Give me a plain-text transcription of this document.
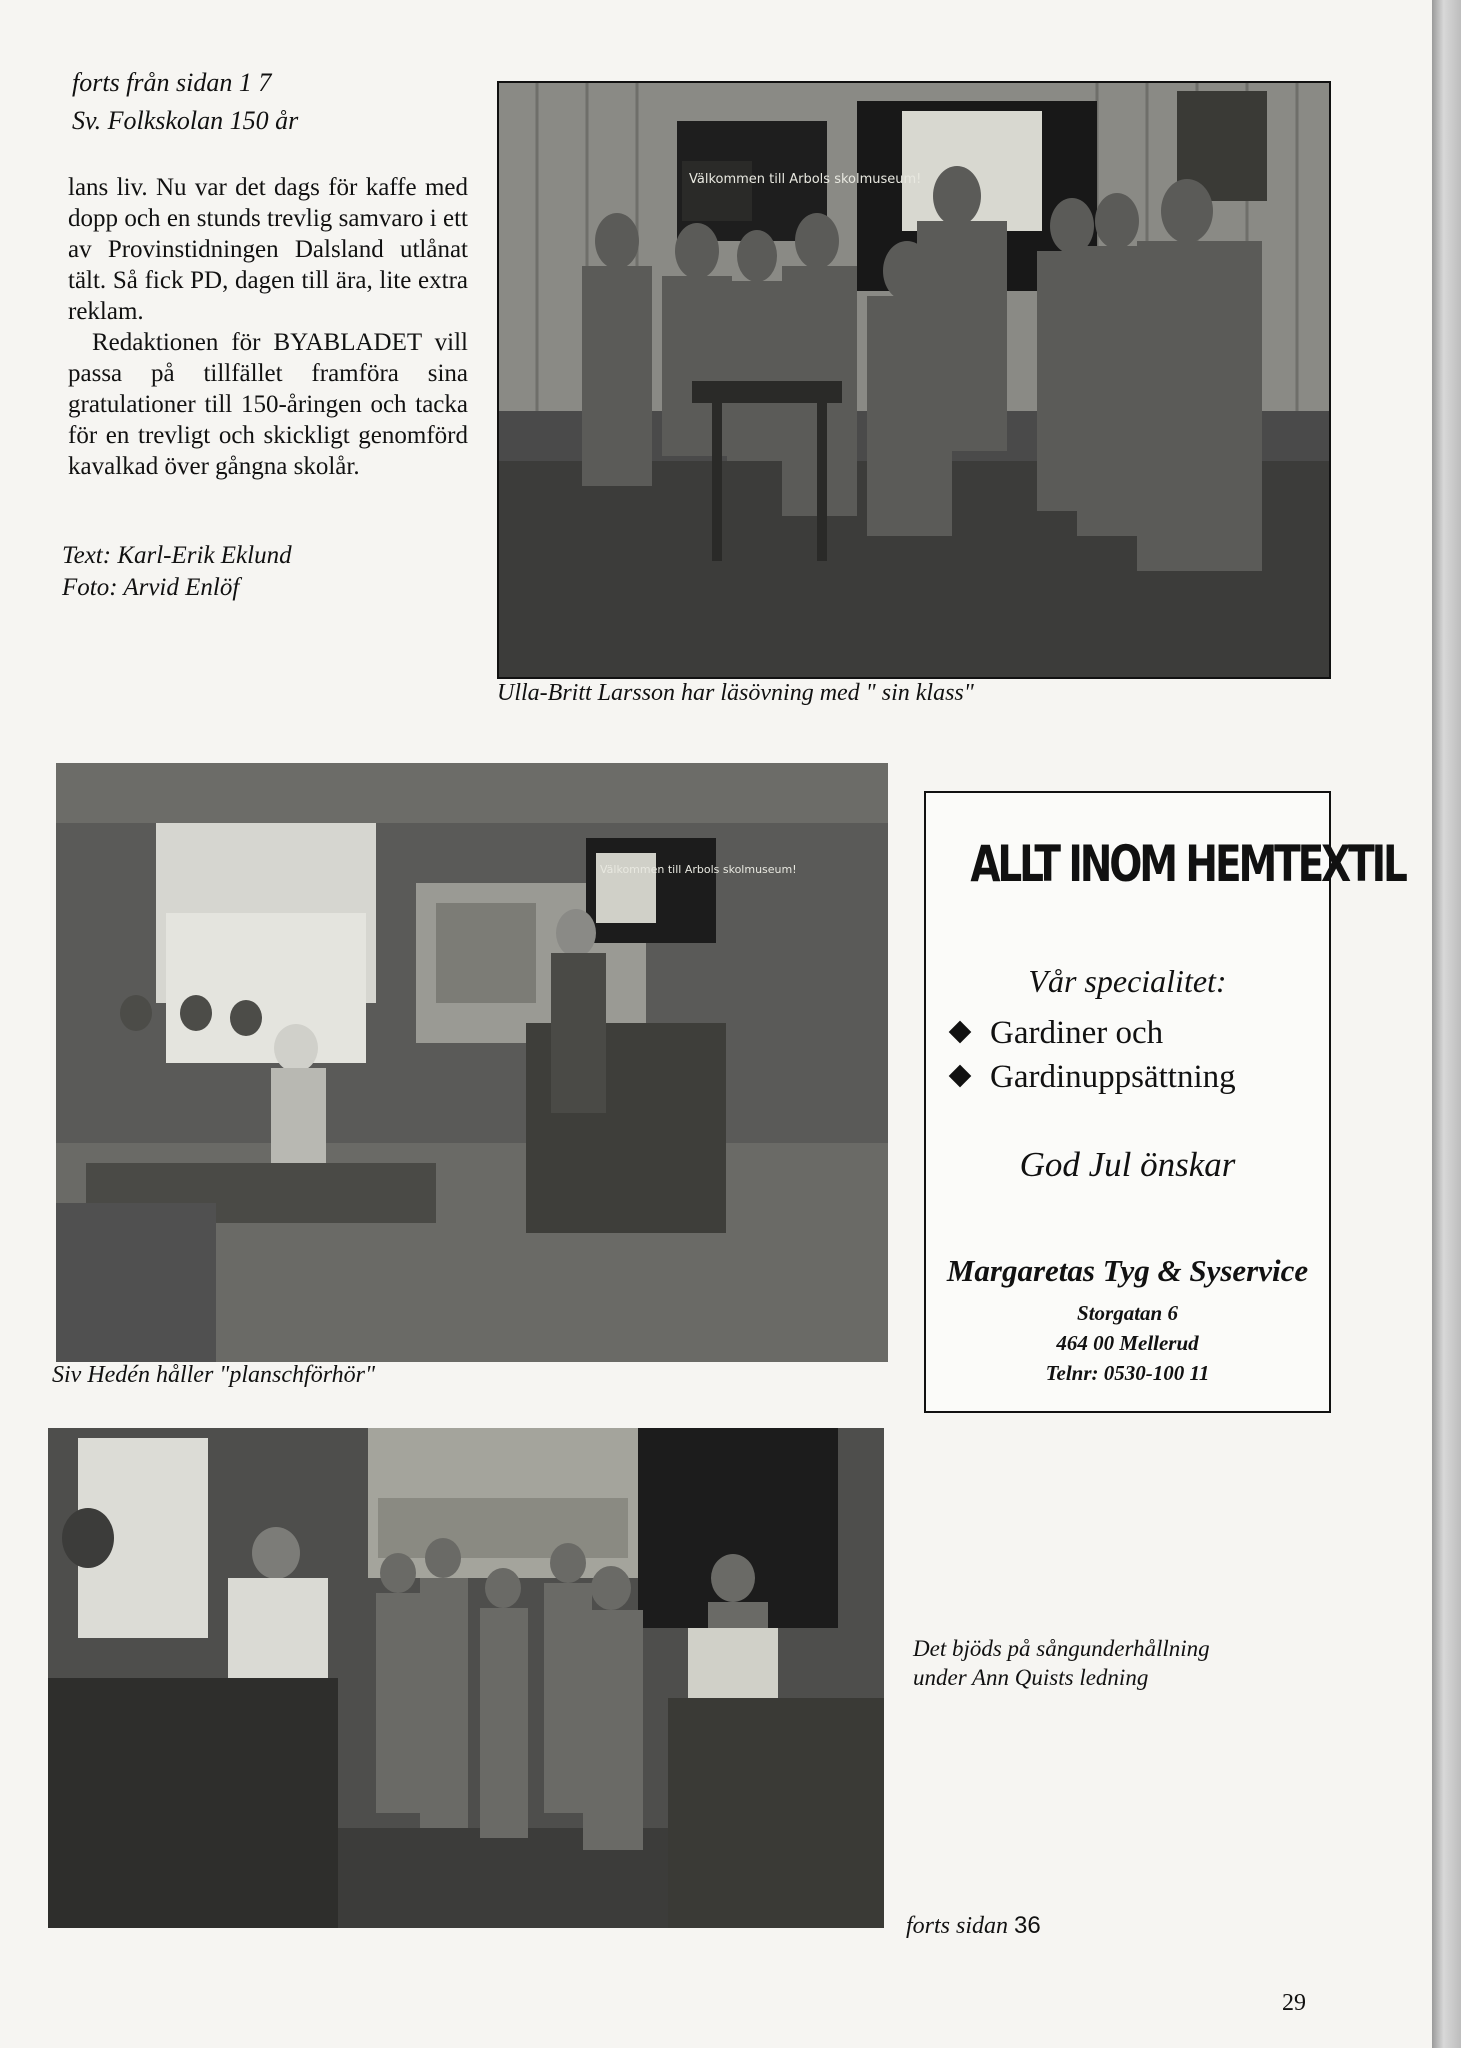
forts från sidan 1 7
Sv. Folkskolan 150 år

lans liv. Nu var det dags för kaffe med dopp och en stunds trevlig samvaro i ett av Provinstidningen Dalsland utlånat tält. Så fick PD, dagen till ära, lite extra reklam.

Redaktionen för BYABLADET vill passa på tillfället framföra sina gratulationer till 150-åringen och tacka för en trevligt och skickligt genomförd kavalkad över gångna skolår.

Text: Karl-Erik Eklund
Foto: Arvid Enlöf
Välkommen till Arbols skolmuseum!
Ulla-Britt Larsson har läsövning med " sin klass"
Välkommen till Arbols skolmuseum!
Siv Hedén håller "planschförhör"
ALLT INOM HEMTEXTIL
Vår specialitet:
Gardiner och
Gardinuppsättning
God Jul önskar
Margaretas Tyg & Syservice
Storgatan 6
464 00 Mellerud
Telnr: 0530-100 11
Det bjöds på sångunderhållning
under Ann Quists ledning
forts sidan 36
29
